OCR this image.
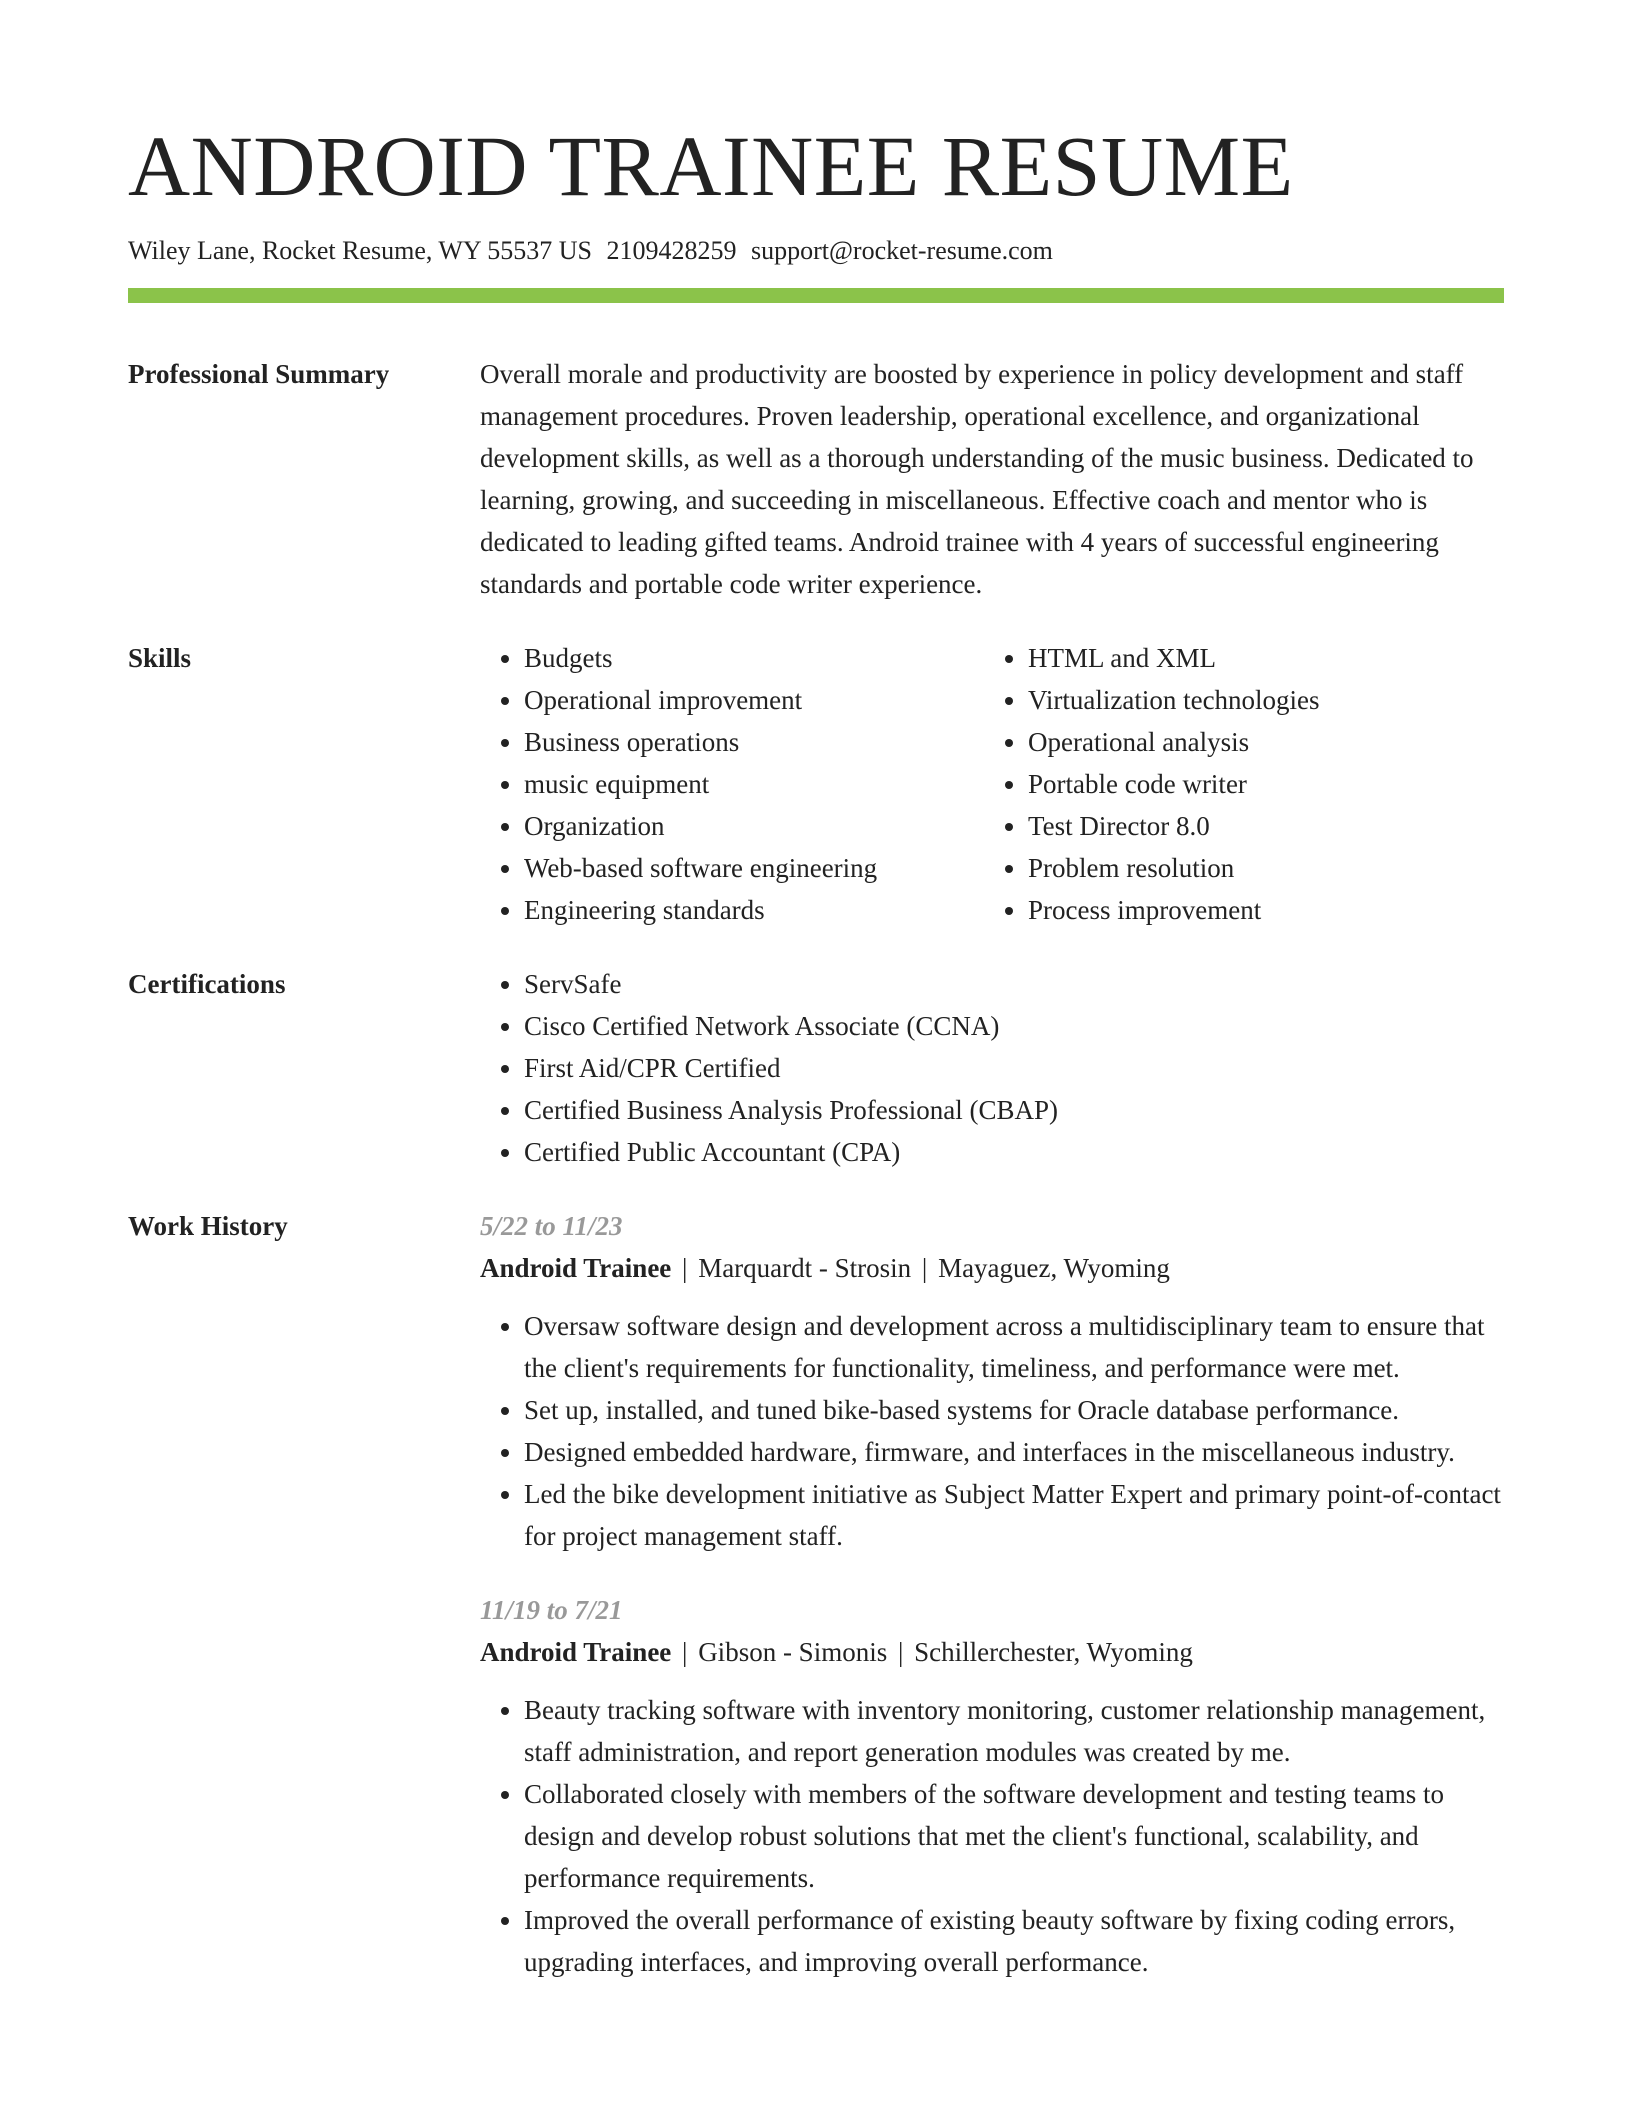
ANDROID TRAINEE RESUME
Wiley Lane, Rocket Resume, WY 55537 US 2109428259 support@rocket-resume.com
Professional Summary	Overall morale and productivity are boosted by experience in policy development and staff management procedures. Proven leadership, operational excellence, and organizational development skills, as well as a thorough understanding of the music business. Dedicated to learning, growing, and succeeding in miscellaneous. Effective coach and mentor who is dedicated to leading gifted teams. Android trainee with 4 years of successful engineering standards and portable code writer experience.

Skills	• Budgets
• Operational improvement
• Business operations
• music equipment
• Organization
• Web-based software engineering
• Engineering standards
• HTML and XML
• Virtualization technologies
• Operational analysis
• Portable code writer
• Test Director 8.0
• Problem resolution
• Process improvement
Certifications	• ServSafe
• Cisco Certified Network Associate (CCNA)
• First Aid/CPR Certified
• Certified Business Analysis Professional (CBAP)
• Certified Public Accountant (CPA)
Work History	5/22 to 11/23
Android Trainee | Marquardt - Strosin | Mayaguez, Wyoming
• Oversaw software design and development across a multidisciplinary team to ensure that the client's requirements for functionality, timeliness, and performance were met.
• Set up, installed, and tuned bike-based systems for Oracle database performance.
• Designed embedded hardware, firmware, and interfaces in the miscellaneous industry.
• Led the bike development initiative as Subject Matter Expert and primary point-of-contact for project management staff.
11/19 to 7/21
Android Trainee | Gibson - Simonis | Schillerchester, Wyoming
• Beauty tracking software with inventory monitoring, customer relationship management, staff administration, and report generation modules was created by me.
• Collaborated closely with members of the software development and testing teams to design and develop robust solutions that met the client's functional, scalability, and performance requirements.
• Improved the overall performance of existing beauty software by fixing coding errors, upgrading interfaces, and improving overall performance.
